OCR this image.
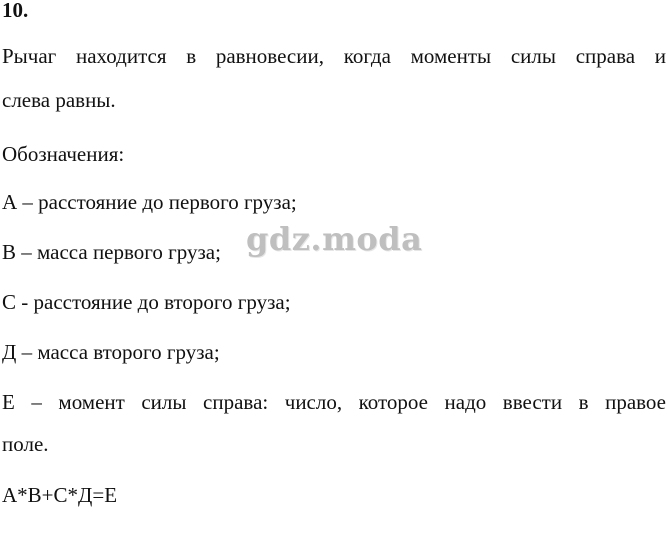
10.
Рычаг находится в равновесии, когда моменты силы справа и
слева равны.
Обозначения:
А – расстояние до первого груза;
В – масса первого груза;
С - расстояние до второго груза;
Д – масса второго груза;
Е – момент силы справа: число, которое надо ввести в правое
поле.
А*В+С*Д=Е
gdz.moda
